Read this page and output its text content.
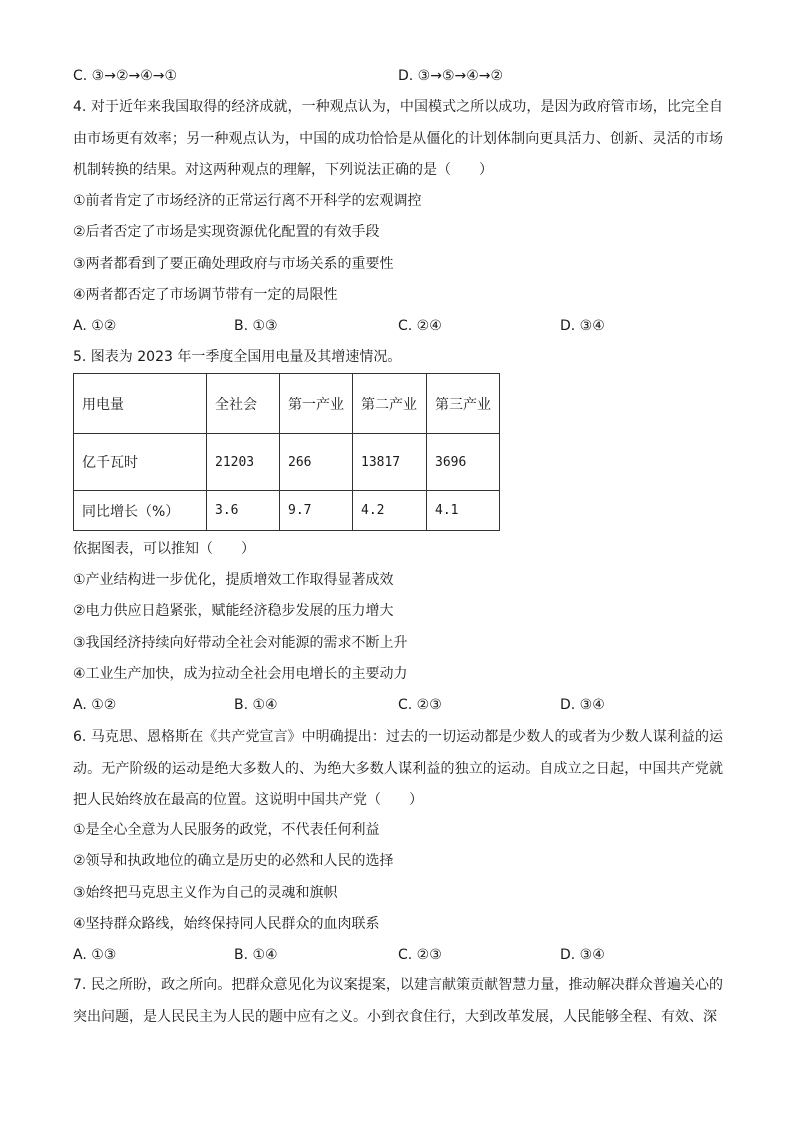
C. ③→②→④→①	D. ③→⑤→④→②
4. 对于近年来我国取得的经济成就，一种观点认为，中国模式之所以成功，是因为政府管市场，比完全自由市场更有效率；另一种观点认为，中国的成功恰恰是从僵化的计划体制向更具活力、创新、灵活的市场机制转换的结果。对这两种观点的理解，下列说法正确的是（　　）
①前者肯定了市场经济的正常运行离不开科学的宏观调控
②后者否定了市场是实现资源优化配置的有效手段
③两者都看到了要正确处理政府与市场关系的重要性
④两者都否定了市场调节带有一定的局限性
A. ①②	B. ①③	C. ②④	D. ③④
5. 图表为 2023 年一季度全国用电量及其增速情况。
用电量	全社会	第一产业	第二产业	第三产业
亿千瓦时	21203	266	13817	3696
同比增长（%）	3.6	9.7	4.2	4.1
依据图表，可以推知（　　）
①产业结构进一步优化，提质增效工作取得显著成效
②电力供应日趋紧张，赋能经济稳步发展的压力增大
③我国经济持续向好带动全社会对能源的需求不断上升
④工业生产加快，成为拉动全社会用电增长的主要动力
A. ①②	B. ①④	C. ②③	D. ③④
6. 马克思、恩格斯在《共产党宣言》中明确提出：过去的一切运动都是少数人的或者为少数人谋利益的运动。无产阶级的运动是绝大多数人的、为绝大多数人谋利益的独立的运动。自成立之日起，中国共产党就把人民始终放在最高的位置。这说明中国共产党（　　）
①是全心全意为人民服务的政党，不代表任何利益
②领导和执政地位的确立是历史的必然和人民的选择
③始终把马克思主义作为自己的灵魂和旗帜
④坚持群众路线，始终保持同人民群众的血肉联系
A. ①③	B. ①④	C. ②③	D. ③④
7. 民之所盼，政之所向。把群众意见化为议案提案，以建言献策贡献智慧力量，推动解决群众普遍关心的突出问题，是人民民主为人民的题中应有之义。小到衣食住行，大到改革发展，人民能够全程、有效、深
